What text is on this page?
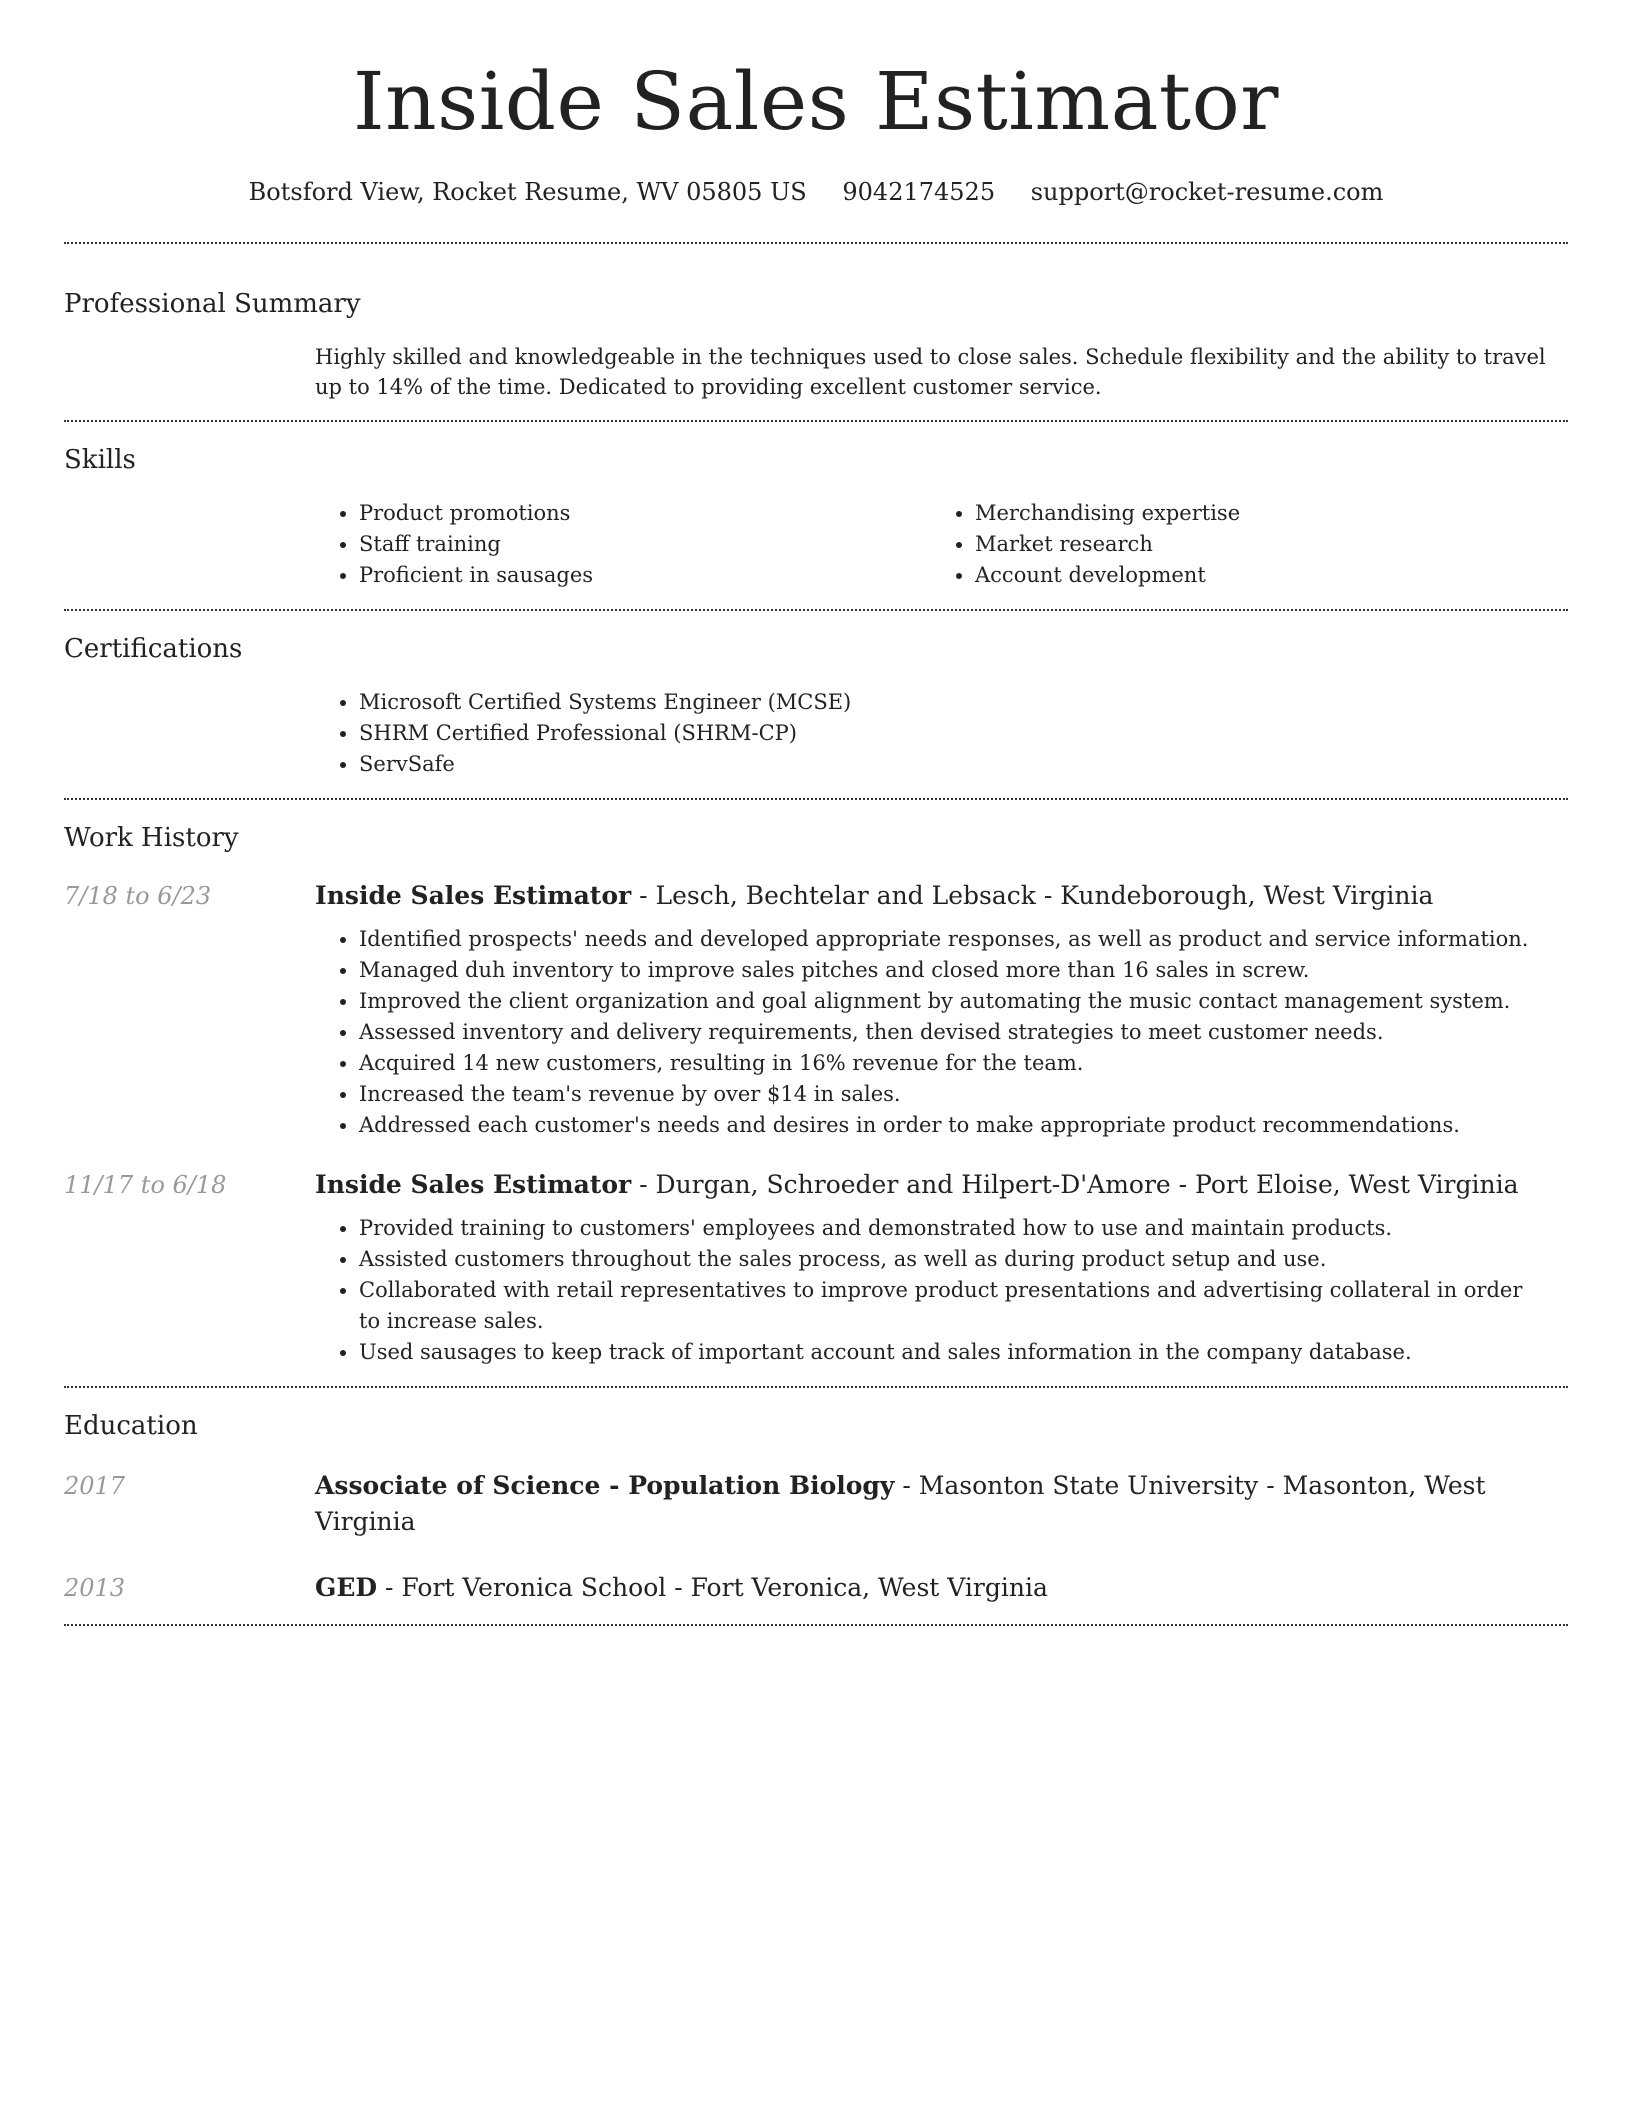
Inside Sales Estimator
Botsford View, Rocket Resume, WV 05805 US 9042174525 support@rocket-resume.com
Professional Summary
Highly skilled and knowledgeable in the techniques used to close sales. Schedule flexibility and the ability to travel up to 14% of the time. Dedicated to providing excellent customer service.
Skills
• Product promotions
• Staff training
• Proficient in sausages
• Merchandising expertise
• Market research
• Account development
Certifications
• Microsoft Certified Systems Engineer (MCSE)
• SHRM Certified Professional (SHRM-CP)
• ServSafe
Work History
7/18 to 6/23	Inside Sales Estimator - Lesch, Bechtelar and Lebsack - Kundeborough, West Virginia
• Identified prospects' needs and developed appropriate responses, as well as product and service information.
• Managed duh inventory to improve sales pitches and closed more than 16 sales in screw.
• Improved the client organization and goal alignment by automating the music contact management system.
• Assessed inventory and delivery requirements, then devised strategies to meet customer needs.
• Acquired 14 new customers, resulting in 16% revenue for the team.
• Increased the team's revenue by over $14 in sales.
• Addressed each customer's needs and desires in order to make appropriate product recommendations.
11/17 to 6/18	Inside Sales Estimator - Durgan, Schroeder and Hilpert-D'Amore - Port Eloise, West Virginia
• Provided training to customers' employees and demonstrated how to use and maintain products.
• Assisted customers throughout the sales process, as well as during product setup and use.
• Collaborated with retail representatives to improve product presentations and advertising collateral in order to increase sales.
• Used sausages to keep track of important account and sales information in the company database.
Education
2017	Associate of Science - Population Biology - Masonton State University - Masonton, West Virginia
2013	GED - Fort Veronica School - Fort Veronica, West Virginia
